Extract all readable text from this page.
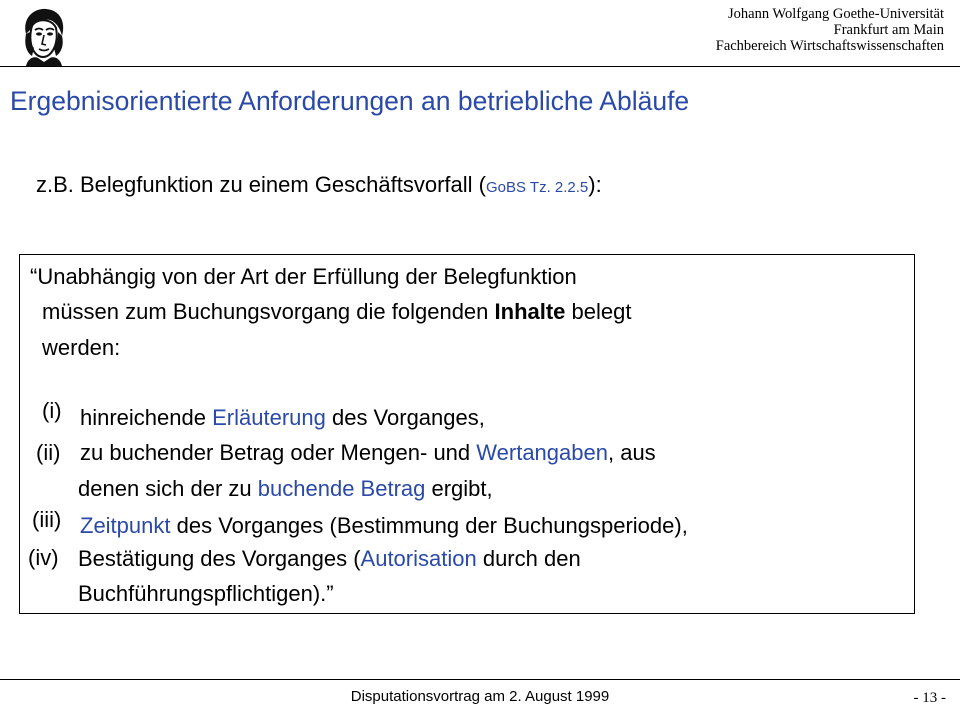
Johann Wolfgang Goethe-Universität
Frankfurt am Main
Fachbereich Wirtschaftswissenschaften
Ergebnisorientierte Anforderungen an betriebliche Abläufe
z.B. Belegfunktion zu einem Geschäftsvorfall (GoBS Tz. 2.2.5):
“Unabhängig von der Art der Erfüllung der Belegfunktion
müssen zum Buchungsvorgang die folgenden Inhalte belegt
werden:
(i) hinreichende Erläuterung des Vorganges,
(ii) zu buchender Betrag oder Mengen- und Wertangaben, aus
denen sich der zu buchende Betrag ergibt,
(iii) Zeitpunkt des Vorganges (Bestimmung der Buchungsperiode),
(iv) Bestätigung des Vorganges (Autorisation durch den
Buchführungspflichtigen).”
Disputationsvortrag am 2. August 1999	- 13 -
